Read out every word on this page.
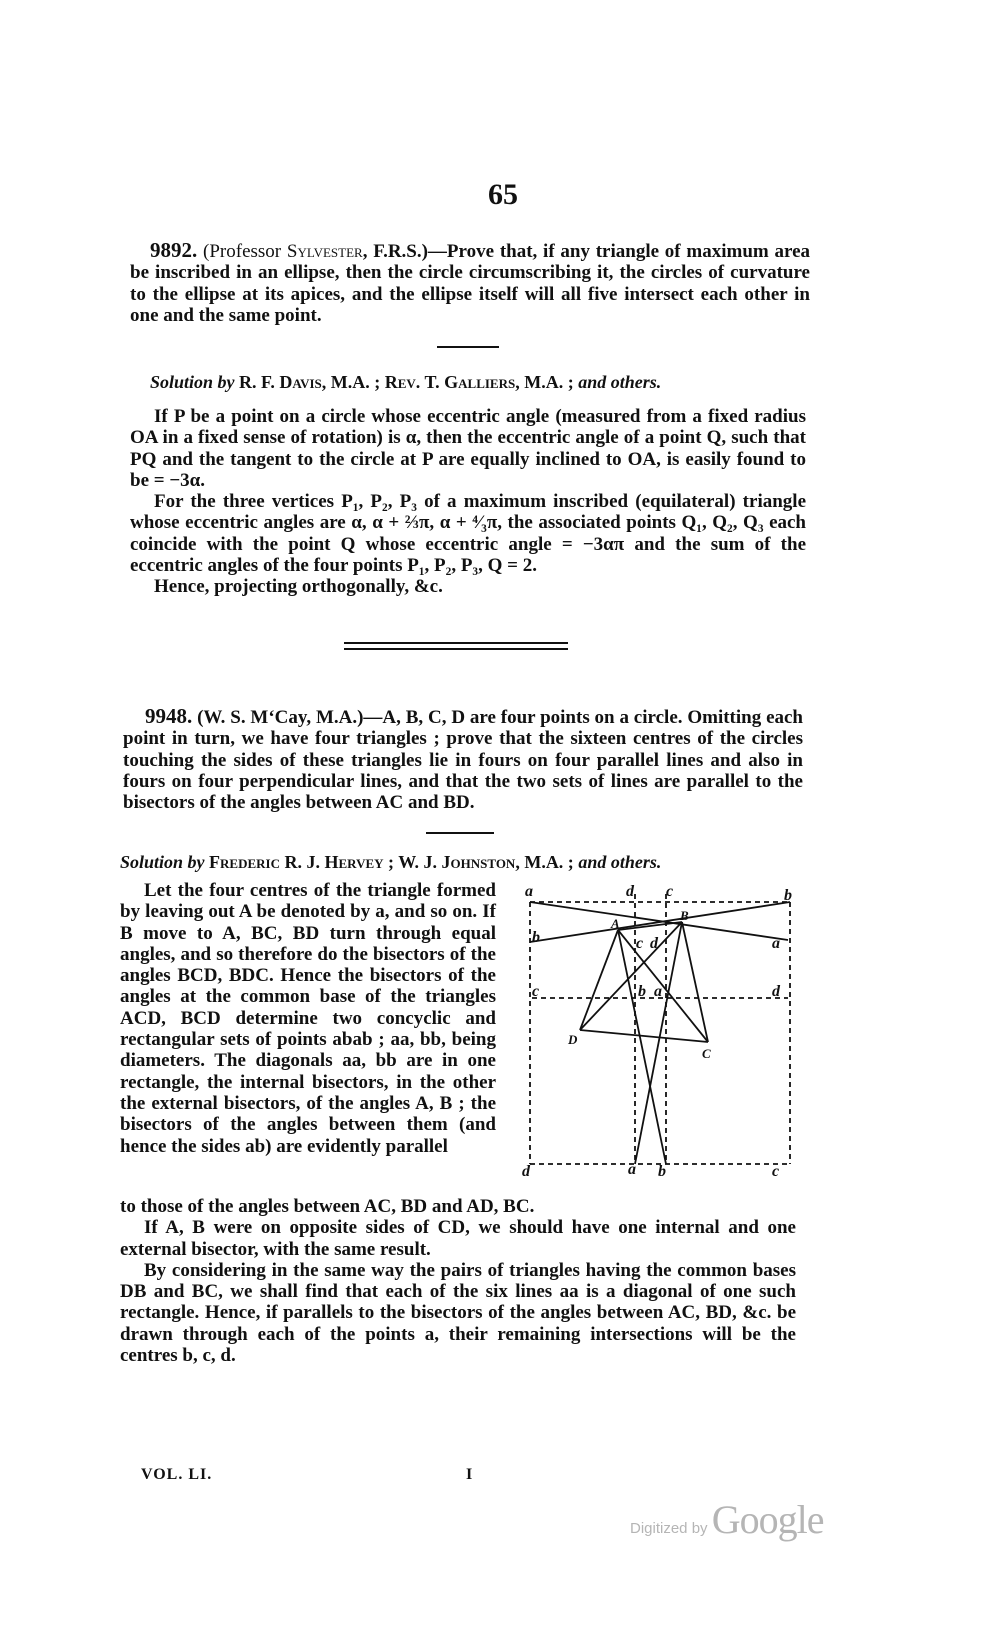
65

9892. (Professor Sylvester, F.R.S.)—Prove that, if any triangle of maximum area be inscribed in an ellipse, then the circle circumscribing it, the circles of curvature to the ellipse at its apices, and the ellipse itself will all five intersect each other in one and the same point.

Solution by R. F. Davis, M.A. ; Rev. T. Galliers, M.A. ; and others.

If P be a point on a circle whose eccentric angle (measured from a fixed radius OA in a fixed sense of rotation) is α, then the eccentric angle of a point Q, such that PQ and the tangent to the circle at P are equally inclined to OA, is easily found to be = −3α.

For the three vertices P₁, P₂, P₃ of a maximum inscribed (equilateral) triangle whose eccentric angles are α, α + ⅔π, α + ⁴⁄₃π, the associated points Q₁, Q₂, Q₃ each coincide with the point Q whose eccentric angle = −3απ and the sum of the eccentric angles of the four points P₁, P₂, P₃, Q = 2.

Hence, projecting orthogonally, &c.

9948. (W. S. M‘Cay, M.A.)—A, B, C, D are four points on a circle. Omitting each point in turn, we have four triangles ; prove that the sixteen centres of the circles touching the sides of these triangles lie in fours on four parallel lines and also in fours on four perpendicular lines, and that the two sets of lines are parallel to the bisectors of the angles between AC and BD.

Solution by Frederic R. J. Hervey ; W. J. Johnston, M.A. ; and others.

Let the four centres of the triangle formed by leaving out A be denoted by a, and so on. If B move to A, BC, BD turn through equal angles, and so therefore do the bisectors of the angles BCD, BDC. Hence the bisectors of the angles at the common base of the triangles ACD, BCD determine two concyclic and rectangular sets of points abab ; aa, bb, being diameters. The diagonals aa, bb are in one rectangle, the internal bisectors, in the other the external bisectors, of the angles A, B ; the bisectors of the angles between them (and hence the sides ab) are evidently parallel

to those of the angles between AC, BD and AD, BC.

If A, B were on opposite sides of CD, we should have one internal and one external bisector, with the same result.

By considering in the same way the pairs of triangles having the common bases DB and BC, we shall find that each of the six lines aa is a diagonal of one such rectangle. Hence, if parallels to the bisectors of the angles between AC, BD, &c. be drawn through each of the points a, their remaining intersections will be the centres b, c, d.

a	d c	b
A
B
b	c d	a
c	b a	d
D
C
d	a b	c
VOL. LI.	I
Digitized by Google
